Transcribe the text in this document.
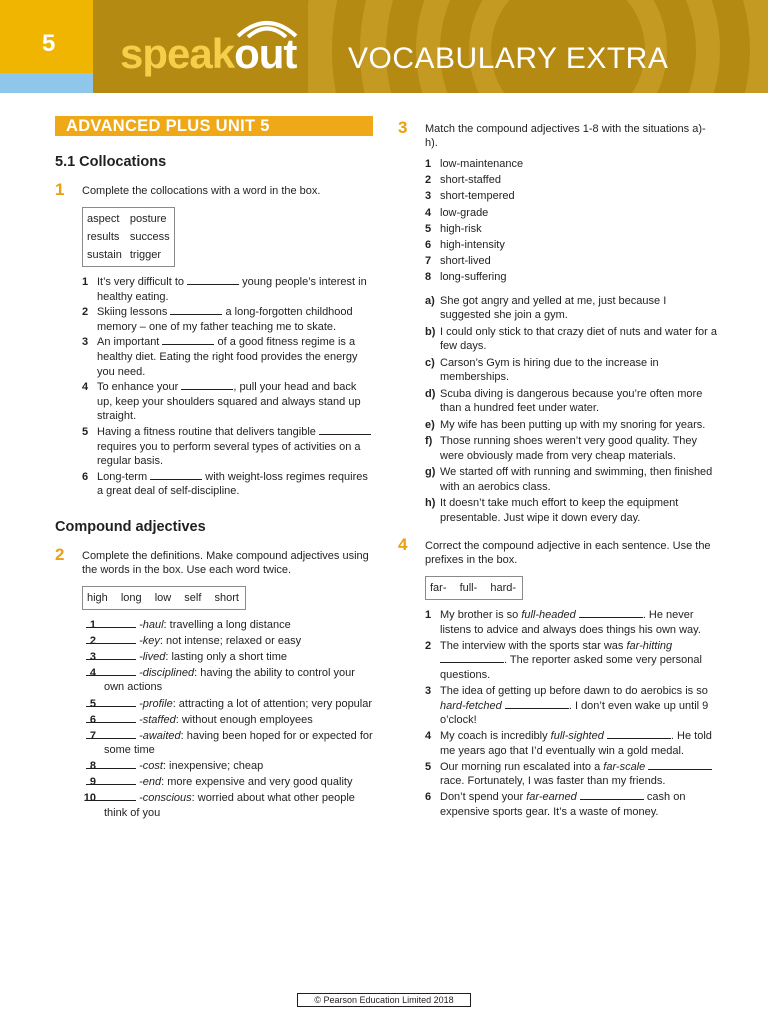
5	speakout VOCABULARY EXTRA
ADVANCED PLUS UNIT 5
5.1 Collocations
1 Complete the collocations with a word in the box.
aspect posture
results success
sustain trigger
1 It’s very difficult to	young people’s interest in healthy eating.
2 Skiing lessons	a long-forgotten childhood memory – one of my father teaching me to skate.
3 An important	of a good fitness regime is a healthy diet. Eating the right food provides the energy you need.
4 To enhance your	, pull your head and back up, keep your shoulders squared and always stand up straight.
5 Having a fitness routine that delivers tangible  requires you to perform several types of activities on a regular basis.
6 Long-term	with weight-loss regimes requires a great deal of self-discipline.
Compound adjectives
2 Complete the definitions. Make compound adjectives using the words in the box. Use each word twice.
high long low self short
1	-haul: travelling a long distance
2	-key: not intense; relaxed or easy
3	-lived: lasting only a short time
4	-disciplined: having the ability to control your own actions
5	-profile: attracting a lot of attention; very popular
6	-staffed: without enough employees
7	-awaited: having been hoped for or expected for some time
8	-cost: inexpensive; cheap
9	-end: more expensive and very good quality
10	-conscious: worried about what other people think of you
3 Match the compound adjectives 1-8 with the situations a)-h).
1 low-maintenance
2 short-staffed
3 short-tempered
4 low-grade
5 high-risk
6 high-intensity
7 short-lived
8 long-suffering
a) She got angry and yelled at me, just because I suggested she join a gym.
b) I could only stick to that crazy diet of nuts and water for a few days.
c) Carson’s Gym is hiring due to the increase in memberships.
d) Scuba diving is dangerous because you’re often more than a hundred feet under water.
e) My wife has been putting up with my snoring for years.
f) Those running shoes weren’t very good quality. They were obviously made from very cheap materials.
g) We started off with running and swimming, then finished with an aerobics class.
h) It doesn’t take much effort to keep the equipment presentable. Just wipe it down every day.
4 Correct the compound adjective in each sentence. Use the prefixes in the box.
far- full- hard-
1 My brother is so full-headed	. He never listens to advice and always does things his own way.
2 The interview with the sports star was far-hitting . The reporter asked some very personal questions.
3 The idea of getting up before dawn to do aerobics is so hard-fetched	. I don’t even wake up until 9 o’clock!
4 My coach is incredibly full-sighted	. He told me years ago that I’d eventually win a gold medal.
5 Our morning run escalated into a far-scale  race. Fortunately, I was faster than my friends.
6 Don’t spend your far-earned	cash on expensive sports gear. It’s a waste of money.
© Pearson Education Limited 2018
